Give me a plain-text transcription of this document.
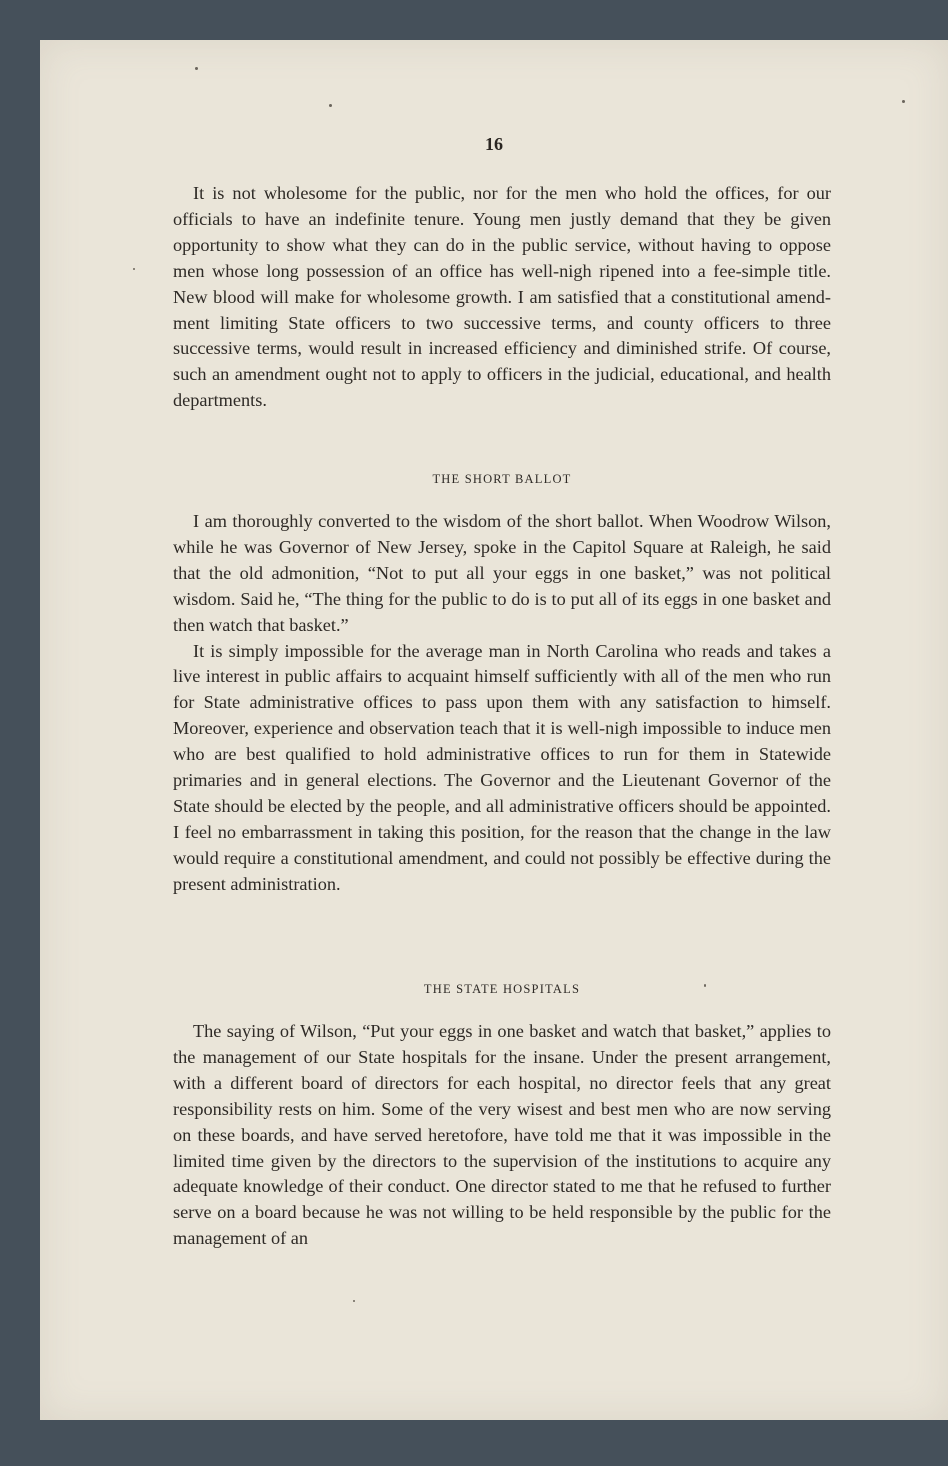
16

It is not wholesome for the public, nor for the men who hold the offices, for our officials to have an indefinite tenure. Young men justly demand that they be given opportunity to show what they can do in the public service, without having to oppose men whose long possession of an office has well-nigh ripened into a fee-simple title. New blood will make for wholesome growth. I am satisfied that a constitutional amendment limiting State officers to two successive terms, and county officers to three successive terms, would result in increased efficiency and diminished strife. Of course, such an amendment ought not to apply to officers in the judicial, educational, and health departments.

THE SHORT BALLOT

I am thoroughly converted to the wisdom of the short ballot. When Woodrow Wilson, while he was Governor of New Jersey, spoke in the Capitol Square at Raleigh, he said that the old admonition, “Not to put all your eggs in one basket,” was not political wisdom. Said he, “The thing for the public to do is to put all of its eggs in one basket and then watch that basket.”

It is simply impossible for the average man in North Carolina who reads and takes a live interest in public affairs to acquaint himself sufficiently with all of the men who run for State administrative offices to pass upon them with any satisfaction to himself. Moreover, experience and observation teach that it is well-nigh impossible to induce men who are best qualified to hold administrative offices to run for them in Statewide primaries and in general elections. The Governor and the Lieutenant Governor of the State should be elected by the people, and all administrative officers should be appointed. I feel no embarrassment in taking this position, for the reason that the change in the law would require a constitutional amendment, and could not possibly be effective during the present administration.

THE STATE HOSPITALS

The saying of Wilson, “Put your eggs in one basket and watch that basket,” applies to the management of our State hospitals for the insane. Under the present arrangement, with a different board of directors for each hospital, no director feels that any great responsibility rests on him. Some of the very wisest and best men who are now serving on these boards, and have served heretofore, have told me that it was impossible in the limited time given by the directors to the supervision of the institutions to acquire any adequate knowledge of their conduct. One director stated to me that he refused to further serve on a board because he was not willing to be held responsible by the public for the management of an
